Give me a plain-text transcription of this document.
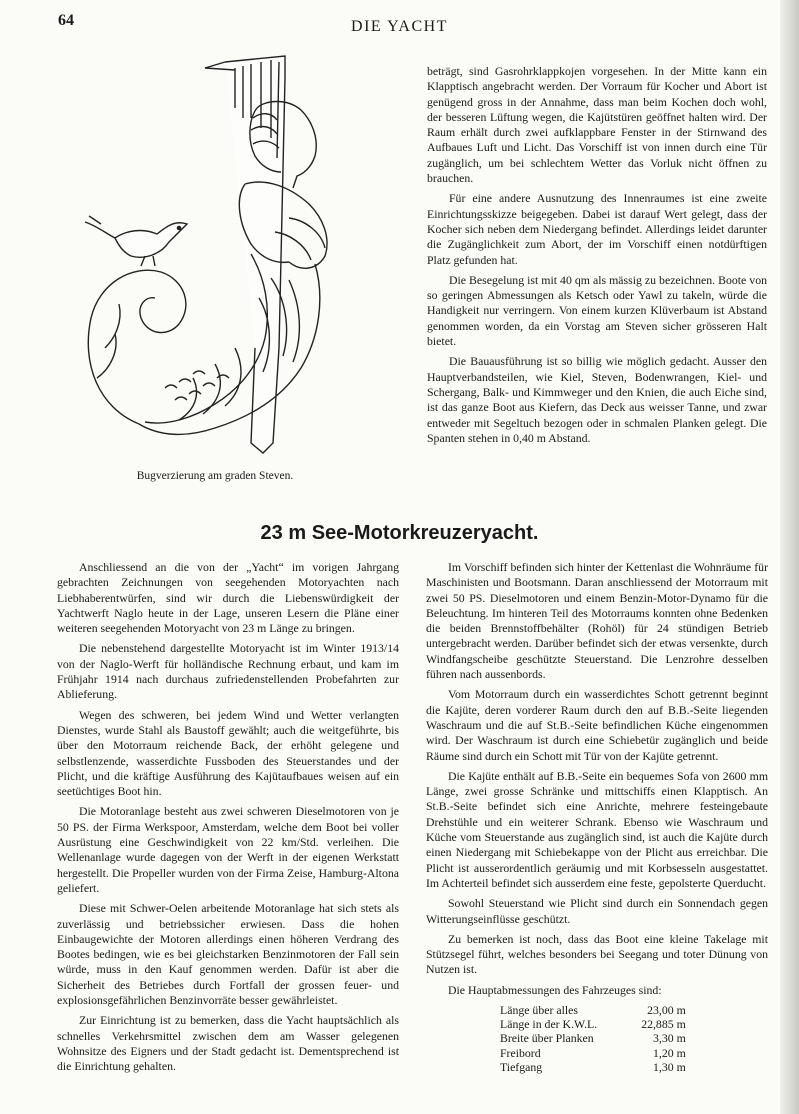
64	DIE YACHT
Bugverzierung am graden Steven.

beträgt, sind Gasrohrklappkojen vorgesehen. In der Mitte kann ein Klapptisch angebracht werden. Der Vorraum für Kocher und Abort ist genügend gross in der Annahme, dass man beim Kochen doch wohl, der besseren Lüftung wegen, die Kajütstüren geöffnet halten wird. Der Raum erhält durch zwei aufklappbare Fenster in der Stirnwand des Aufbaues Luft und Licht. Das Vorschiff ist von innen durch eine Tür zugänglich, um bei schlechtem Wetter das Vorluk nicht öffnen zu brauchen.

Für eine andere Ausnutzung des Innenraumes ist eine zweite Einrichtungsskizze beigegeben. Dabei ist darauf Wert gelegt, dass der Kocher sich neben dem Niedergang befindet. Allerdings leidet darunter die Zugänglichkeit zum Abort, der im Vorschiff einen notdürftigen Platz gefunden hat.

Die Besegelung ist mit 40 qm als mässig zu bezeichnen. Boote von so geringen Abmessungen als Ketsch oder Yawl zu takeln, würde die Handigkeit nur verringern. Von einem kurzen Klüverbaum ist Abstand genommen worden, da ein Vorstag am Steven sicher grösseren Halt bietet.

Die Bauausführung ist so billig wie möglich gedacht. Ausser den Hauptverbandsteilen, wie Kiel, Steven, Bodenwrangen, Kiel- und Schergang, Balk- und Kimmweger und den Knien, die auch Eiche sind, ist das ganze Boot aus Kiefern, das Deck aus weisser Tanne, und zwar entweder mit Segeltuch bezogen oder in schmalen Planken gelegt. Die Spanten stehen in 0,40 m Abstand.

23 m See-Motorkreuzeryacht.

Anschliessend an die von der „Yacht“ im vorigen Jahrgang gebrachten Zeichnungen von seegehenden Motoryachten nach Liebhaberentwürfen, sind wir durch die Liebenswürdigkeit der Yachtwerft Naglo heute in der Lage, unseren Lesern die Pläne einer weiteren seegehenden Motoryacht von 23 m Länge zu bringen.

Die nebenstehend dargestellte Motoryacht ist im Winter 1913/14 von der Naglo-Werft für holländische Rechnung erbaut, und kam im Frühjahr 1914 nach durchaus zufriedenstellenden Probefahrten zur Ablieferung.

Wegen des schweren, bei jedem Wind und Wetter verlangten Dienstes, wurde Stahl als Baustoff gewählt; auch die weitgeführte, bis über den Motorraum reichende Back, der erhöht gelegene und selbstlenzende, wasserdichte Fussboden des Steuerstandes und der Plicht, und die kräftige Ausführung des Kajütaufbaues weisen auf ein seetüchtiges Boot hin.

Die Motoranlage besteht aus zwei schweren Dieselmotoren von je 50 PS. der Firma Werkspoor, Amsterdam, welche dem Boot bei voller Ausrüstung eine Geschwindigkeit von 22 km/Std. verleihen. Die Wellenanlage wurde dagegen von der Werft in der eigenen Werkstatt hergestellt. Die Propeller wurden von der Firma Zeise, Hamburg-Altona geliefert.

Diese mit Schwer-Oelen arbeitende Motoranlage hat sich stets als zuverlässig und betriebssicher erwiesen. Dass die hohen Einbaugewichte der Motoren allerdings einen höheren Verdrang des Bootes bedingen, wie es bei gleichstarken Benzinmotoren der Fall sein würde, muss in den Kauf genommen werden. Dafür ist aber die Sicherheit des Betriebes durch Fortfall der grossen feuer- und explosionsgefährlichen Benzinvorräte besser gewährleistet.

Zur Einrichtung ist zu bemerken, dass die Yacht hauptsächlich als schnelles Verkehrsmittel zwischen dem am Wasser gelegenen Wohnsitze des Eigners und der Stadt gedacht ist. Dementsprechend ist die Einrichtung gehalten.

Im Vorschiff befinden sich hinter der Kettenlast die Wohnräume für Maschinisten und Bootsmann. Daran anschliessend der Motorraum mit zwei 50 PS. Dieselmotoren und einem Benzin-Motor-Dynamo für die Beleuchtung. Im hinteren Teil des Motorraums konnten ohne Bedenken die beiden Brennstoffbehälter (Rohöl) für 24 stündigen Betrieb untergebracht werden. Darüber befindet sich der etwas versenkte, durch Windfangscheibe geschützte Steuerstand. Die Lenzrohre desselben führen nach aussenbords.

Vom Motorraum durch ein wasserdichtes Schott getrennt beginnt die Kajüte, deren vorderer Raum durch den auf B.B.-Seite liegenden Waschraum und die auf St.B.-Seite befindlichen Küche eingenommen wird. Der Waschraum ist durch eine Schiebetür zugänglich und beide Räume sind durch ein Schott mit Tür von der Kajüte getrennt.

Die Kajüte enthält auf B.B.-Seite ein bequemes Sofa von 2600 mm Länge, zwei grosse Schränke und mittschiffs einen Klapptisch. An St.B.-Seite befindet sich eine Anrichte, mehrere festeingebaute Drehstühle und ein weiterer Schrank. Ebenso wie Waschraum und Küche vom Steuerstande aus zugänglich sind, ist auch die Kajüte durch einen Niedergang mit Schiebekappe von der Plicht aus erreichbar. Die Plicht ist ausserordentlich geräumig und mit Korbsesseln ausgestattet. Im Achterteil befindet sich ausserdem eine feste, gepolsterte Querducht.

Sowohl Steuerstand wie Plicht sind durch ein Sonnendach gegen Witterungseinflüsse geschützt.

Zu bemerken ist noch, dass das Boot eine kleine Takelage mit Stützsegel führt, welches besonders bei Seegang und toter Dünung von Nutzen ist.

Die Hauptabmessungen des Fahrzeuges sind:

Länge über alles	23,00 m
Länge in der K.W.L.	22,885 m
Breite über Planken	3,30 m
Freibord	1,20 m
Tiefgang	1,30 m
